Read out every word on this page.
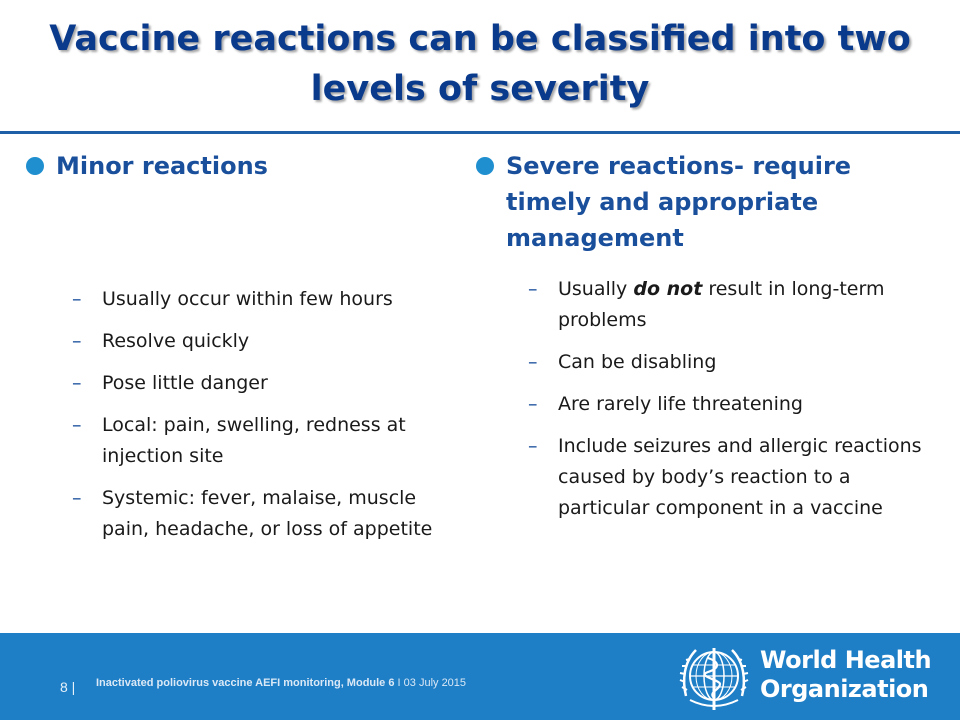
Vaccine reactions can be classified into two levels of severity
Minor reactions
–	Usually occur within few hours
–	Resolve quickly
–	Pose little danger
–	Local: pain, swelling, redness at injection site
–	Systemic: fever, malaise, muscle pain, headache, or loss of appetite
Severe reactions- require timely and appropriate management
–	Usually do not result in long-term problems
–	Can be disabling
–	Are rarely life threatening
–	Include seizures and allergic reactions caused by body’s reaction to a particular component in a vaccine
8 | Inactivated poliovirus vaccine AEFI monitoring, Module 6 I 03 July 2015
World Health
Organization
